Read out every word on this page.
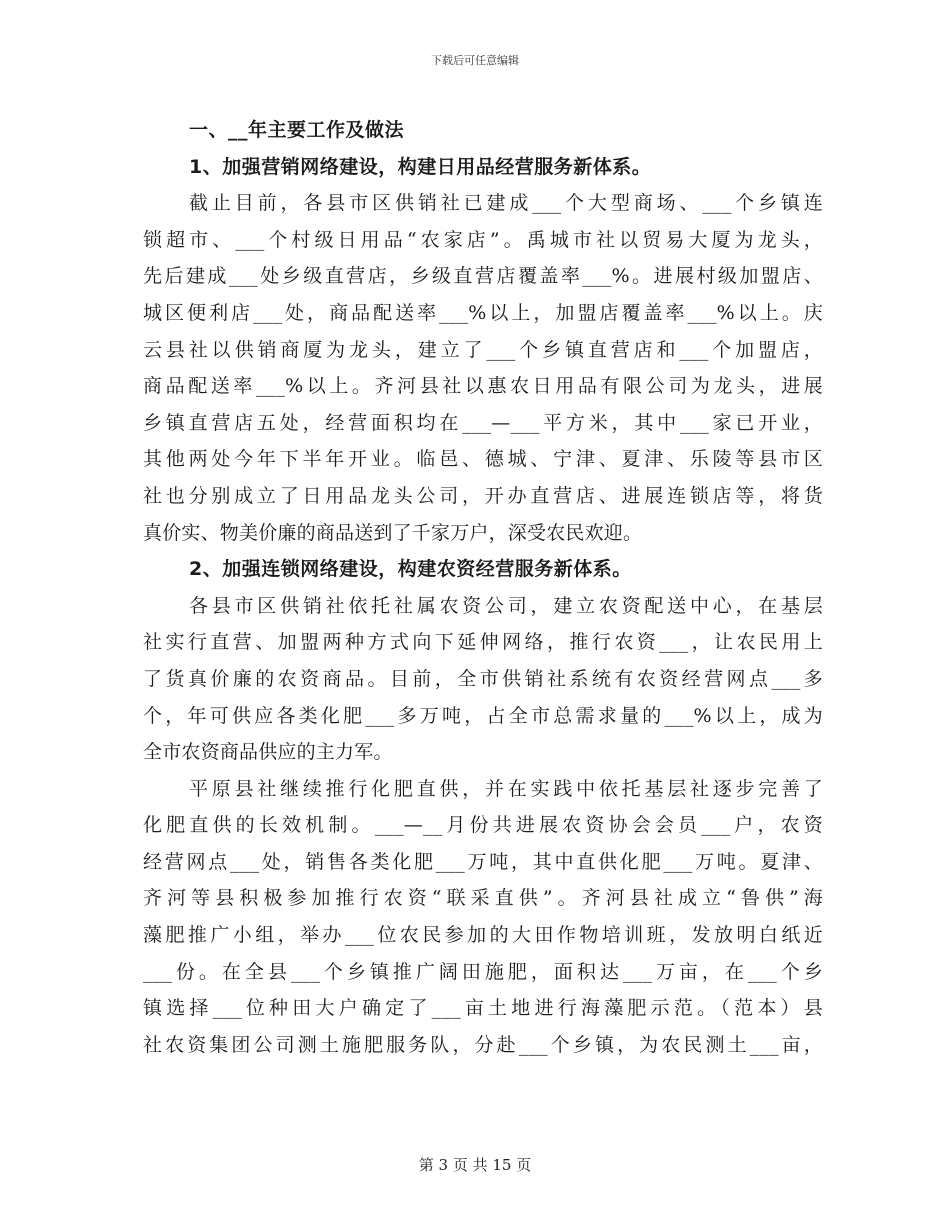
下载后可任意编辑
一、__年主要工作及做法
1、加强营销网络建设，构建日用品经营服务新体系。
截止目前，各县市区供销社已建成___个大型商场、___个乡镇连
锁超市、___个村级日用品“农家店”。禹城市社以贸易大厦为龙头，
先后建成___处乡级直营店，乡级直营店覆盖率___%。进展村级加盟店、
城区便利店___处，商品配送率___%以上，加盟店覆盖率___%以上。庆
云县社以供销商厦为龙头，建立了___个乡镇直营店和___个加盟店，
商品配送率___%以上。齐河县社以惠农日用品有限公司为龙头，进展
乡镇直营店五处，经营面积均在___—___平方米，其中___家已开业，
其他两处今年下半年开业。临邑、德城、宁津、夏津、乐陵等县市区
社也分别成立了日用品龙头公司，开办直营店、进展连锁店等，将货
真价实、物美价廉的商品送到了千家万户，深受农民欢迎。
2、加强连锁网络建设，构建农资经营服务新体系。
各县市区供销社依托社属农资公司，建立农资配送中心，在基层
社实行直营、加盟两种方式向下延伸网络，推行农资___，让农民用上
了货真价廉的农资商品。目前，全市供销社系统有农资经营网点___多
个，年可供应各类化肥___多万吨，占全市总需求量的___%以上，成为
全市农资商品供应的主力军。
平原县社继续推行化肥直供，并在实践中依托基层社逐步完善了
化肥直供的长效机制。___—__月份共进展农资协会会员___户，农资
经营网点___处，销售各类化肥___万吨，其中直供化肥___万吨。夏津、
齐河等县积极参加推行农资“联采直供”。齐河县社成立“鲁供”海
藻肥推广小组，举办___位农民参加的大田作物培训班，发放明白纸近
___份。在全县___个乡镇推广阔田施肥，面积达___万亩，在___个乡
镇选择___位种田大户确定了___亩土地进行海藻肥示范。（范本）县
社农资集团公司测土施肥服务队，分赴___个乡镇，为农民测土___亩，
第 3 页 共 15 页
